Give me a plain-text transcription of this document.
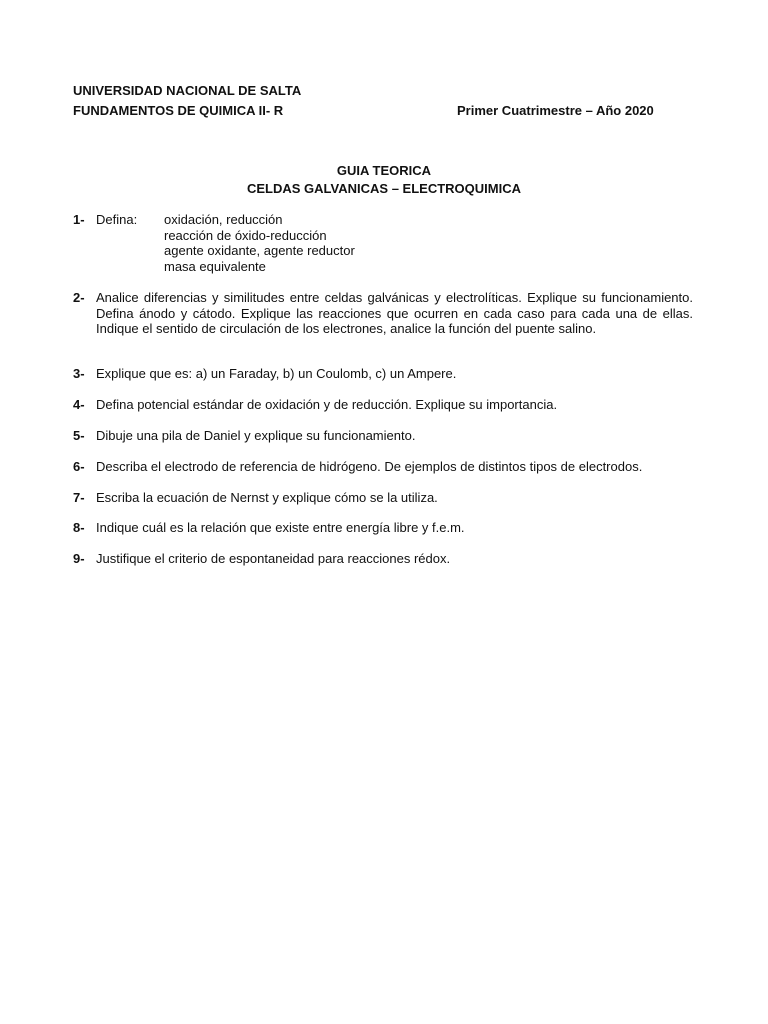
UNIVERSIDAD NACIONAL DE SALTA
FUNDAMENTOS DE QUIMICA II- R	Primer Cuatrimestre – Año 2020
GUIA TEORICA
CELDAS GALVANICAS – ELECTROQUIMICA
1- Defina: oxidación, reducción
reacción de óxido-reducción
agente oxidante, agente reductor
masa equivalente
2- Analice diferencias y similitudes entre celdas galvánicas y electrolíticas. Explique su funcionamiento. Defina ánodo y cátodo. Explique las reacciones que ocurren en cada caso para cada una de ellas. Indique el sentido de circulación de los electrones, analice la función del puente salino.
3- Explique que es: a) un Faraday, b) un Coulomb, c) un Ampere.
4- Defina potencial estándar de oxidación y de reducción. Explique su importancia.
5- Dibuje una pila de Daniel y explique su funcionamiento.
6- Describa el electrodo de referencia de hidrógeno. De ejemplos de distintos tipos de electrodos.
7- Escriba la ecuación de Nernst y explique cómo se la utiliza.
8- Indique cuál es la relación que existe entre energía libre y f.e.m.
9- Justifique el criterio de espontaneidad para reacciones rédox.
